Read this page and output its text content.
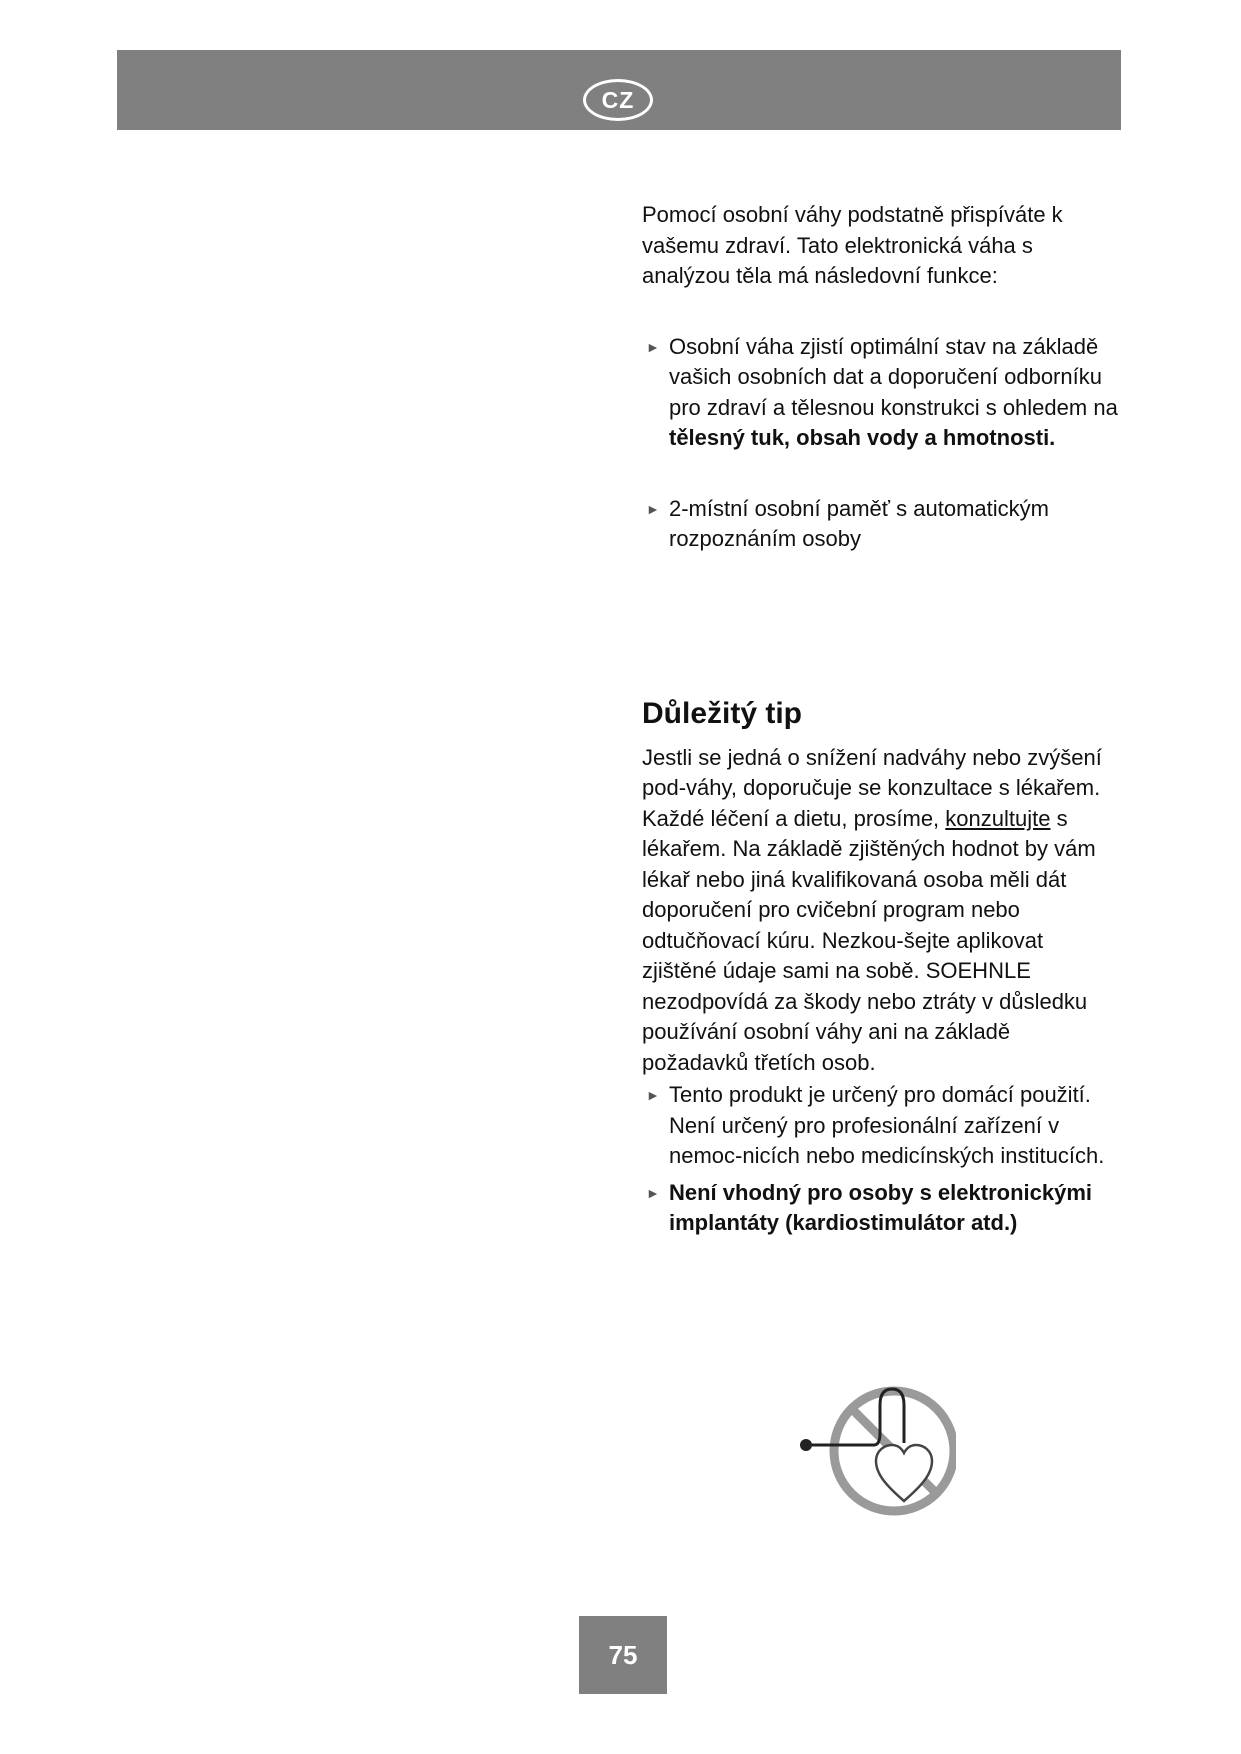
CZ

Pomocí osobní váhy podstatně přispíváte k vašemu zdraví. Tato elektronická váha s analýzou těla má následovní funkce:

► Osobní váha zjistí optimální stav na základě vašich osobních dat a doporučení odborníku pro zdraví a tělesnou konstrukci s ohledem na tělesný tuk, obsah vody a hmotnosti.
► 2-místní osobní paměť s automatickým rozpoznáním osoby
Důležitý tip

Jestli se jedná o snížení nadváhy nebo zvýšení pod-váhy, doporučuje se konzultace s lékařem. Každé léčení a dietu, prosíme, konzultujte s lékařem. Na základě zjištěných hodnot by vám lékař nebo jiná kvalifikovaná osoba měli dát doporučení pro cvičební program nebo odtučňovací kúru. Nezkou-šejte aplikovat zjištěné údaje sami na sobě. SOEHNLE nezodpovídá za škody nebo ztráty v důsledku používání osobní váhy ani na základě požadavků třetích osob.

► Tento produkt je určený pro domácí použití. Není určený pro profesionální zařízení v nemoc-nicích nebo medicínských institucích.
► Není vhodný pro osoby s elektronickými implantáty (kardiostimulátor atd.)
75
